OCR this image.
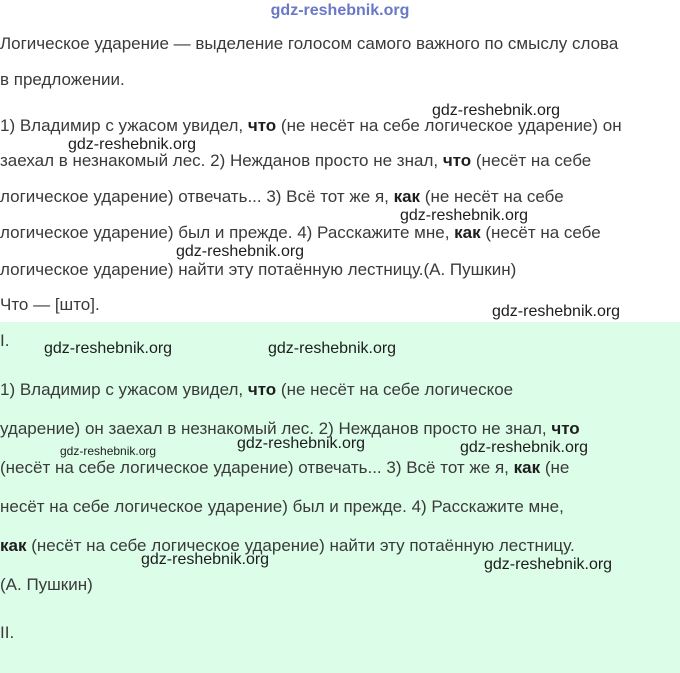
gdz-reshebnik.org

Логическое ударение — выделение голосом самого важного по смыслу слова

в предложении.

1) Владимир с ужасом увидел, что (не несёт на себе логическое ударение) он

заехал в незнакомый лес. 2) Нежданов просто не знал, что (несёт на себе

логическое ударение) отвечать... 3) Всё тот же я, как (не несёт на себе

логическое ударение) был и прежде. 4) Расскажите мне, как (несёт на себе

логическое ударение) найти эту потаённую лестницу.(А. Пушкин)

Что — [што].

I.

1) Владимир с ужасом увидел, что (не несёт на себе логическое

ударение) он заехал в незнакомый лес. 2) Нежданов просто не знал, что

(несёт на себе логическое ударение) отвечать... 3) Всё тот же я, как (не

несёт на себе логическое ударение) был и прежде. 4) Расскажите мне,

как (несёт на себе логическое ударение) найти эту потаённую лестницу.

(А. Пушкин)

II.

gdz-reshebnik.org
gdz-reshebnik.org
gdz-reshebnik.org
gdz-reshebnik.org
gdz-reshebnik.org
gdz-reshebnik.org	gdz-reshebnik.org
gdz-reshebnik.org	gdz-reshebnik.org	gdz-reshebnik.org
gdz-reshebnik.org	gdz-reshebnik.org
